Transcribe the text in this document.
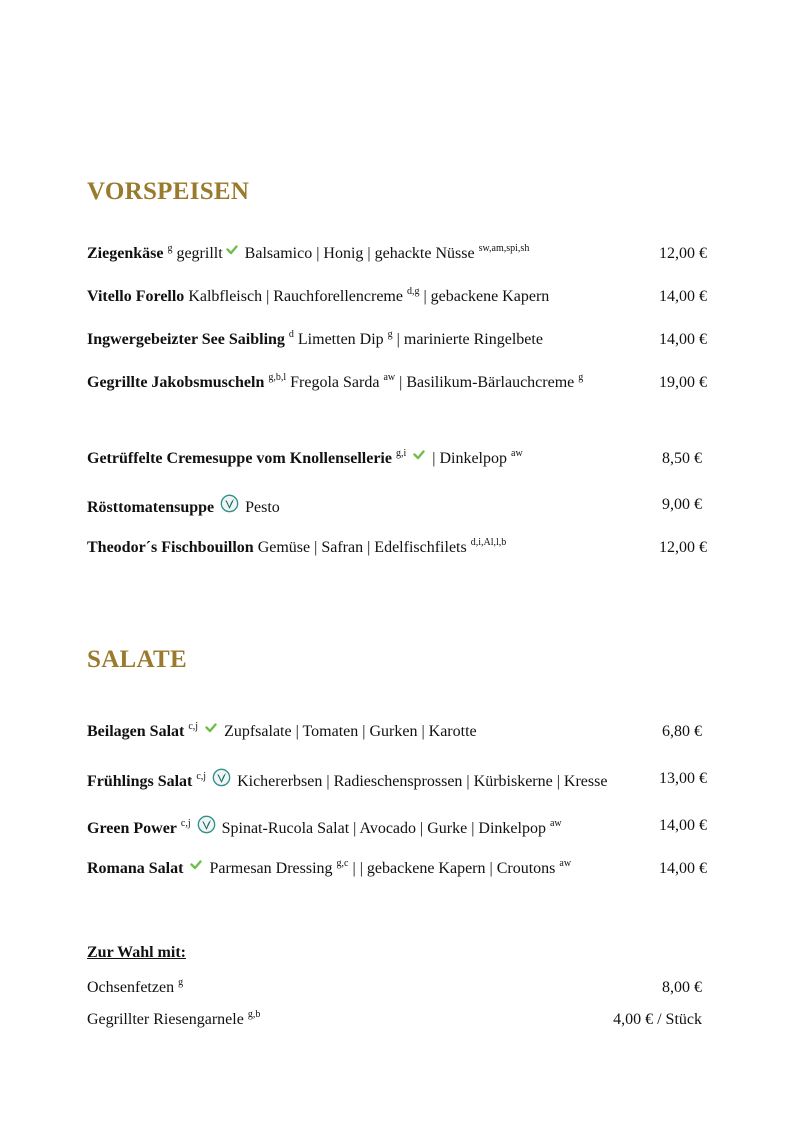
VORSPEISEN
Ziegenkäse $^g$ gegrillt Balsamico | Honig | gehackte Nüsse $^{sw,am,spi,sh}$	12,00 €
Vitello Forello Kalbfleisch | Rauchforellencreme $^{d,g}$ | gebackene Kapern	14,00 €
Ingwergebeizter See Saibling $^d$ Limetten Dip $^g$ | marinierte Ringelbete	14,00 €
Gegrillte Jakobsmuscheln $^{g,b,l}$ Fregola Sarda $^{aw}$ | Basilikum-Bärlauchcreme $^g$	19,00 €
Getrüffelte Cremesuppe vom Knollensellerie $^{g,i}$  | Dinkelpop $^{aw}$	8,50 €
Rösttomatensuppe  Pesto	9,00 €
Theodor´s Fischbouillon Gemüse | Safran | Edelfischfilets $^{d,i,Al,l,b}$	12,00 €
SALATE
Beilagen Salat $^{c,j}$  Zupfsalate | Tomaten | Gurken | Karotte	6,80 €
Frühlings Salat $^{c,j}$  Kichererbsen | Radieschensprossen | Kürbiskerne | Kresse	13,00 €
Green Power $^{c,j}$  Spinat-Rucola Salat | Avocado | Gurke | Dinkelpop $^{aw}$	14,00 €
Romana Salat  Parmesan Dressing $^{g,c}$ | | gebackene Kapern | Croutons $^{aw}$	14,00 €
Zur Wahl mit:
Ochsenfetzen $^g$	8,00 €
Gegrillter Riesengarnele $^{g,b}$	4,00 € / Stück
